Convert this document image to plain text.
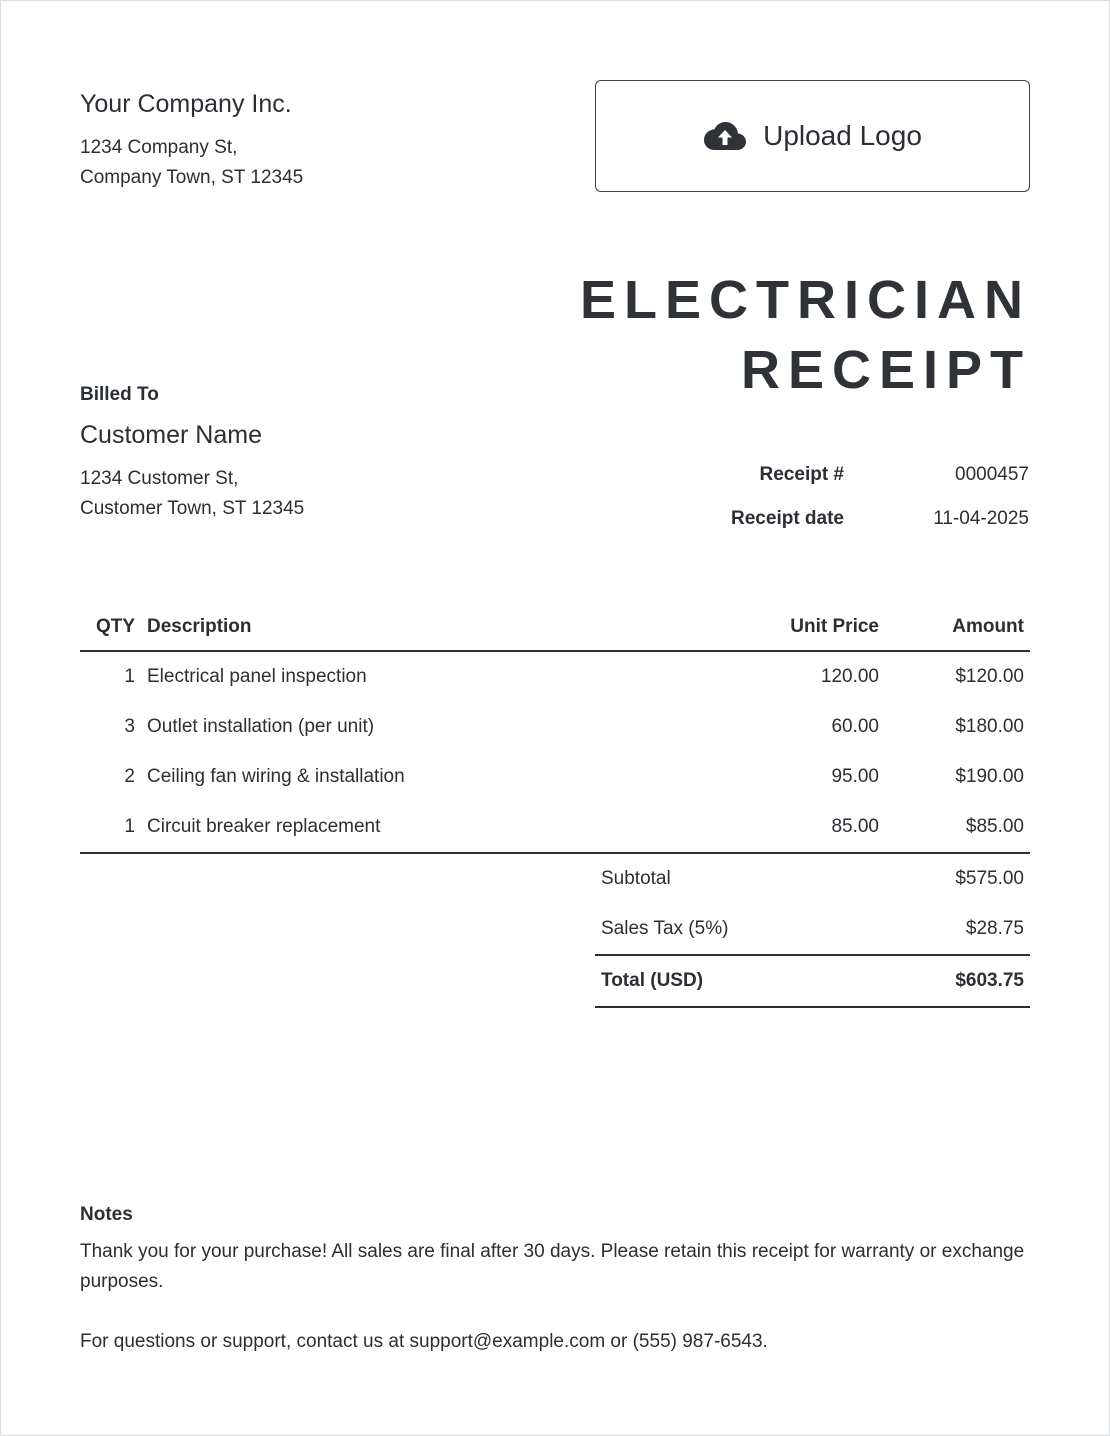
Your Company Inc.
1234 Company St,
Company Town, ST 12345
Upload Logo
ELECTRICIAN
RECEIPT
Billed To
Customer Name
1234 Customer St,
Customer Town, ST 12345
Receipt #	0000457
Receipt date	11-04-2025
QTY	Description	Unit Price	Amount
1	Electrical panel inspection	120.00	$120.00
3	Outlet installation (per unit)	60.00	$180.00
2	Ceiling fan wiring & installation	95.00	$190.00
1	Circuit breaker replacement	85.00	$85.00
Subtotal	$575.00
Sales Tax (5%)	$28.75
Total (USD)	$603.75
Notes
Thank you for your purchase! All sales are final after 30 days. Please retain this receipt for warranty or exchange purposes.
For questions or support, contact us at support@example.com or (555) 987-6543.
